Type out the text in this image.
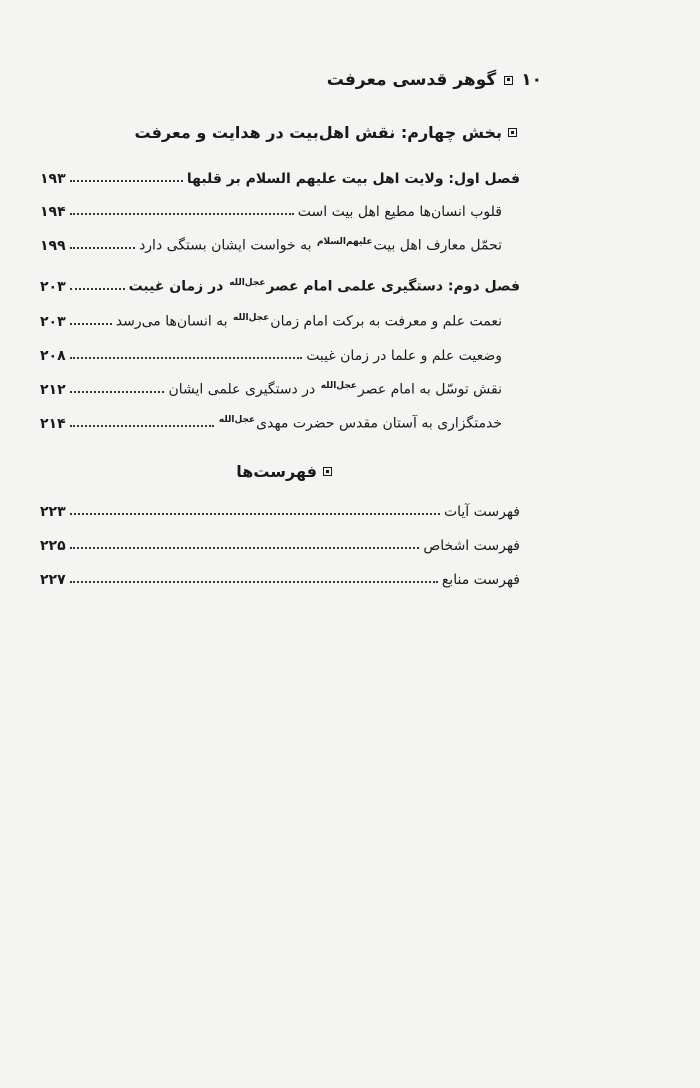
۱۰
گوهر قدسی معرفت
بخش چهارم: نقش اهل‌بیت در هدایت و معرفت
فصل اول: ولایت اهل بیت علیهم السلام بر قلبها
۱۹۳
قلوب انسان‌ها مطیع اهل بیت است
۱۹۴
تحمّل معارف اهل بیتعلیهم‌السلام به خواست ایشان بستگی دارد
۱۹۹
فصل دوم: دستگیری علمی امام عصرعجل‌الله در زمان غیبت
۲۰۳
نعمت علم و معرفت به برکت امام زمانعجل‌الله به انسان‌ها می‌رسد
۲۰۳
وضعیت علم و علما در زمان غیبت
۲۰۸
نقش توسّل به امام عصرعجل‌الله در دستگیری علمی ایشان
۲۱۲
خدمتگزاری به آستان مقدس حضرت مهدیعجل‌الله
۲۱۴
فهرست‌ها
فهرست آیات
۲۲۳
فهرست اشخاص
۲۲۵
فهرست منابع
۲۲۷
